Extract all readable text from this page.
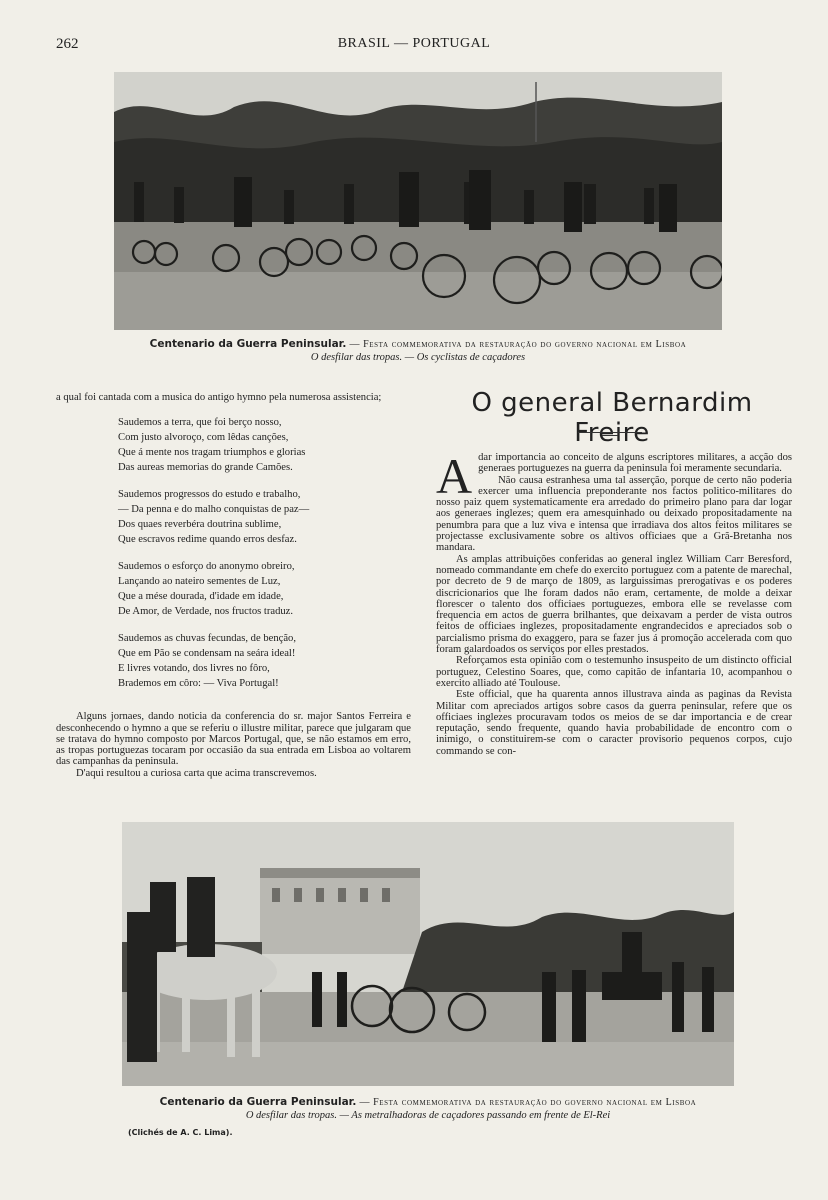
262	BRASIL — PORTUGAL
Centenario da Guerra Peninsular. — Festa commemorativa da restauração do governo nacional em Lisboa
O desfilar das tropas. — Os cyclistas de caçadores

a qual foi cantada com a musica do antigo hymno pela numerosa assistencia;

Saudemos a terra, que foi berço nosso,
Com justo alvoroço, com lêdas canções,
Que á mente nos tragam triumphos e glorias
Das aureas memorias do grande Camões.
Saudemos progressos do estudo e trabalho,
— Da penna e do malho conquistas de paz—
Dos quaes reverbéra doutrina sublime,
Que escravos redime quando erros desfaz.
Saudemos o esforço do anonymo obreiro,
Lançando ao nateiro sementes de Luz,
Que a mése dourada, d'idade em idade,
De Amor, de Verdade, nos fructos traduz.
Saudemos as chuvas fecundas, de benção,
Que em Pão se condensam na seára ideal!
E livres votando, dos livres no fôro,
Brademos em côro: — Viva Portugal!

Alguns jornaes, dando noticia da conferencia do sr. major Santos Ferreira e desconhecendo o hymno a que se referiu o illustre militar, parece que julgaram que se tratava do hymno composto por Marcos Portugal, que, se não estamos em erro, as tropas portuguezas tocaram por occasião da sua entrada em Lisboa ao voltarem das campanhas da peninsula.

D'aqui resultou a curiosa carta que acima transcrevemos.

O general Bernardim Freire

Adar importancia ao conceito de alguns escriptores militares, a acção dos generaes portuguezes na guerra da peninsula foi meramente secundaria.

Não causa estranhesa uma tal asserção, porque de certo não poderia exercer uma influencia preponderante nos factos politico-militares do nosso paiz quem systematicamente era arredado do primeiro plano para dar logar aos generaes inglezes; quem era amesquinhado ou deixado propositadamente na penumbra para que a luz viva e intensa que irradiava dos altos feitos militares se projectasse exclusivamente sobre os altivos officiaes que a Grã-Bretanha nos mandara.

As amplas attribuições conferidas ao general inglez William Carr Beresford, nomeado commandante em chefe do exercito portuguez com a patente de marechal, por decreto de 9 de março de 1809, as larguissimas prerogativas e os poderes discricionarios que lhe foram dados não eram, certamente, de molde a deixar florescer o talento dos officiaes portuguezes, embora elle se revelasse com frequencia em actos de guerra brilhantes, que deixavam a perder de vista outros feitos de officiaes inglezes, propositadamente engrandecidos e apreciados sob o parcialismo prisma do exaggero, para se fazer jus á promoção accelerada com quo foram galardoados os serviços por elles prestados.

Reforçamos esta opinião com o testemunho insuspeito de um distincto official portuguez, Celestino Soares, que, como capitão de infantaria 10, acompanhou o exercito alliado até Toulouse.

Este official, que ha quarenta annos illustrava ainda as paginas da Revista Militar com apreciados artigos sobre casos da guerra peninsular, refere que os officiaes inglezes procuravam todos os meios de se dar importancia e de crear reputação, sendo frequente, quando havia probabilidade de encontro com o inimigo, o constituirem-se com o caracter provisorio pequenos corpos, cujo commando se con-

Centenario da Guerra Peninsular. — Festa commemorativa da restauração do governo nacional em Lisboa
O desfilar das tropas. — As metralhadoras de caçadores passando em frente de El-Rei
(Clichés de A. C. Lima).
